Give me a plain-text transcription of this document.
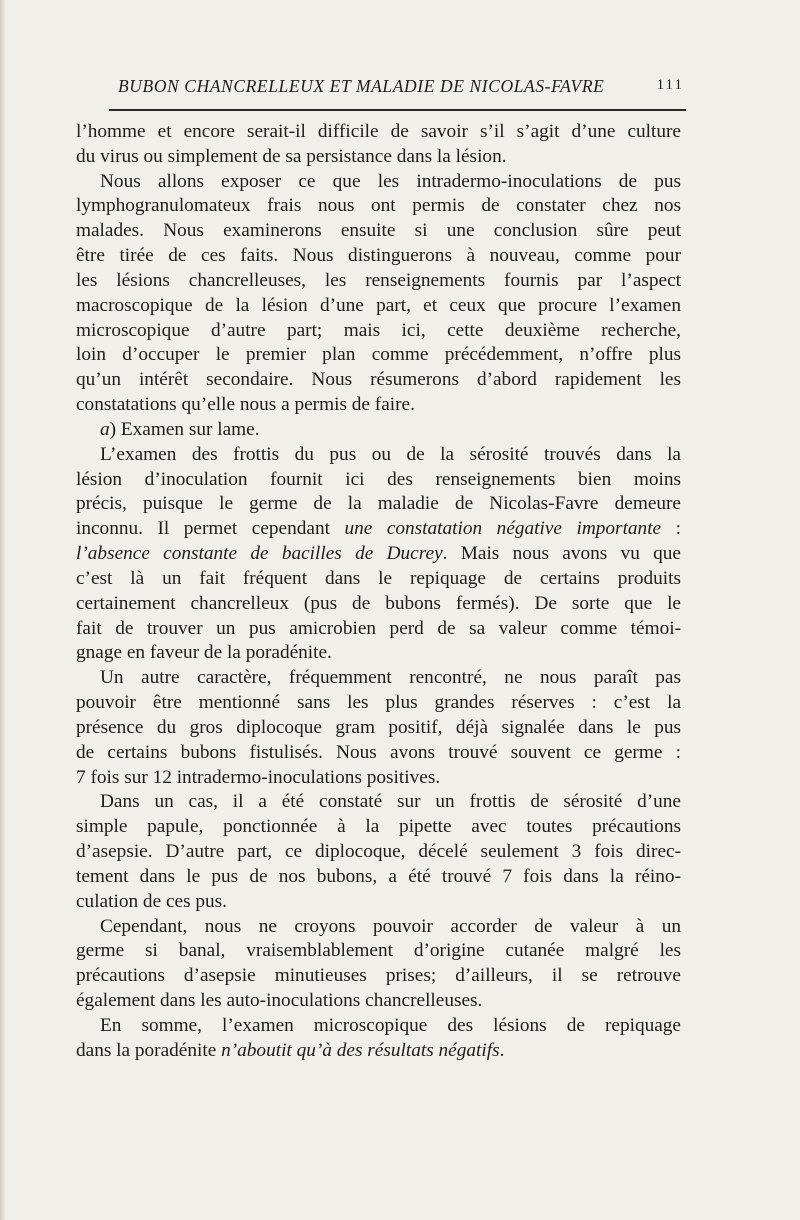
BUBON CHANCRELLEUX ET MALADIE DE NICOLAS-FAVRE	111
l’homme et encore serait-il difficile de savoir s’il s’agit d’une culture
du virus ou simplement de sa persistance dans la lésion.
Nous allons exposer ce que les intradermo-inoculations de pus
lymphogranulomateux frais nous ont permis de constater chez nos
malades. Nous examinerons ensuite si une conclusion sûre peut
être tirée de ces faits. Nous distinguerons à nouveau, comme pour
les lésions chancrelleuses, les renseignements fournis par l’aspect
macroscopique de la lésion d’une part, et ceux que procure l’examen
microscopique d’autre part; mais ici, cette deuxième recherche,
loin d’occuper le premier plan comme précédemment, n’offre plus
qu’un intérêt secondaire. Nous résumerons d’abord rapidement les
constatations qu’elle nous a permis de faire.
a) Examen sur lame.
L’examen des frottis du pus ou de la sérosité trouvés dans la
lésion d’inoculation fournit ici des renseignements bien moins
précis, puisque le germe de la maladie de Nicolas-Favre demeure
inconnu. Il permet cependant une constatation négative importante :
l’absence constante de bacilles de Ducrey. Mais nous avons vu que
c’est là un fait fréquent dans le repiquage de certains produits
certainement chancrelleux (pus de bubons fermés). De sorte que le
fait de trouver un pus amicrobien perd de sa valeur comme témoi-
gnage en faveur de la poradénite.
Un autre caractère, fréquemment rencontré, ne nous paraît pas
pouvoir être mentionné sans les plus grandes réserves : c’est la
présence du gros diplocoque gram positif, déjà signalée dans le pus
de certains bubons fistulisés. Nous avons trouvé souvent ce germe :
7 fois sur 12 intradermo-inoculations positives.
Dans un cas, il a été constaté sur un frottis de sérosité d’une
simple papule, ponctionnée à la pipette avec toutes précautions
d’asepsie. D’autre part, ce diplocoque, décelé seulement 3 fois direc-
tement dans le pus de nos bubons, a été trouvé 7 fois dans la réino-
culation de ces pus.
Cependant, nous ne croyons pouvoir accorder de valeur à un
germe si banal, vraisemblablement d’origine cutanée malgré les
précautions d’asepsie minutieuses prises; d’ailleurs, il se retrouve
également dans les auto-inoculations chancrelleuses.
En somme, l’examen microscopique des lésions de repiquage
dans la poradénite n’aboutit qu’à des résultats négatifs.
